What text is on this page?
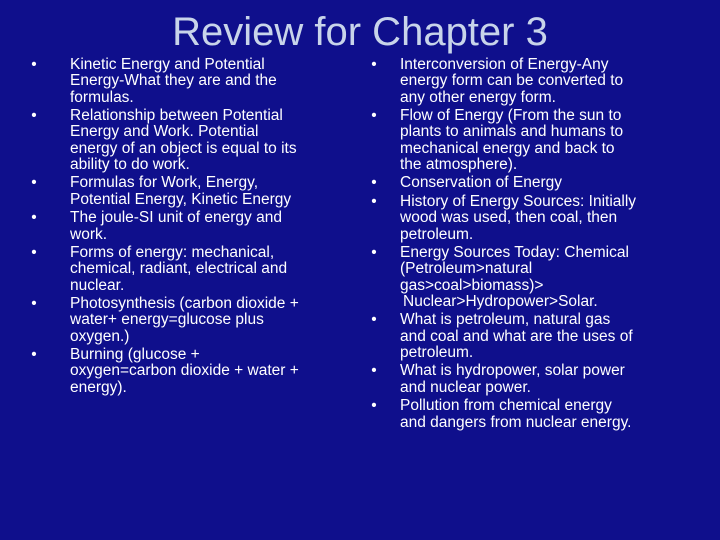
Review for Chapter 3
•	Kinetic Energy and Potential
Energy-What they are and the
formulas.
•	Relationship between Potential
Energy and Work. Potential
energy of an object is equal to its
ability to do work.
•	Formulas for Work, Energy,
Potential Energy, Kinetic Energy
•	The joule-SI unit of energy and
work.
•	Forms of energy: mechanical,
chemical, radiant, electrical and
nuclear.
•	Photosynthesis (carbon dioxide +
water+ energy=glucose plus
oxygen.)
•	Burning (glucose +
oxygen=carbon dioxide + water +
energy).
•	Interconversion of Energy-Any
energy form can be converted to
any other energy form.
•	Flow of Energy (From the sun to
plants to animals and humans to
mechanical energy and back to
the atmosphere).
•	Conservation of Energy
•	History of Energy Sources: Initially
wood was used, then coal, then
petroleum.
•	Energy Sources Today: Chemical
(Petroleum>natural
gas>coal>biomass)>
Nuclear>Hydropower>Solar.
•	What is petroleum, natural gas
and coal and what are the uses of
petroleum.
•	What is hydropower, solar power
and nuclear power.
•	Pollution from chemical energy
and dangers from nuclear energy.
